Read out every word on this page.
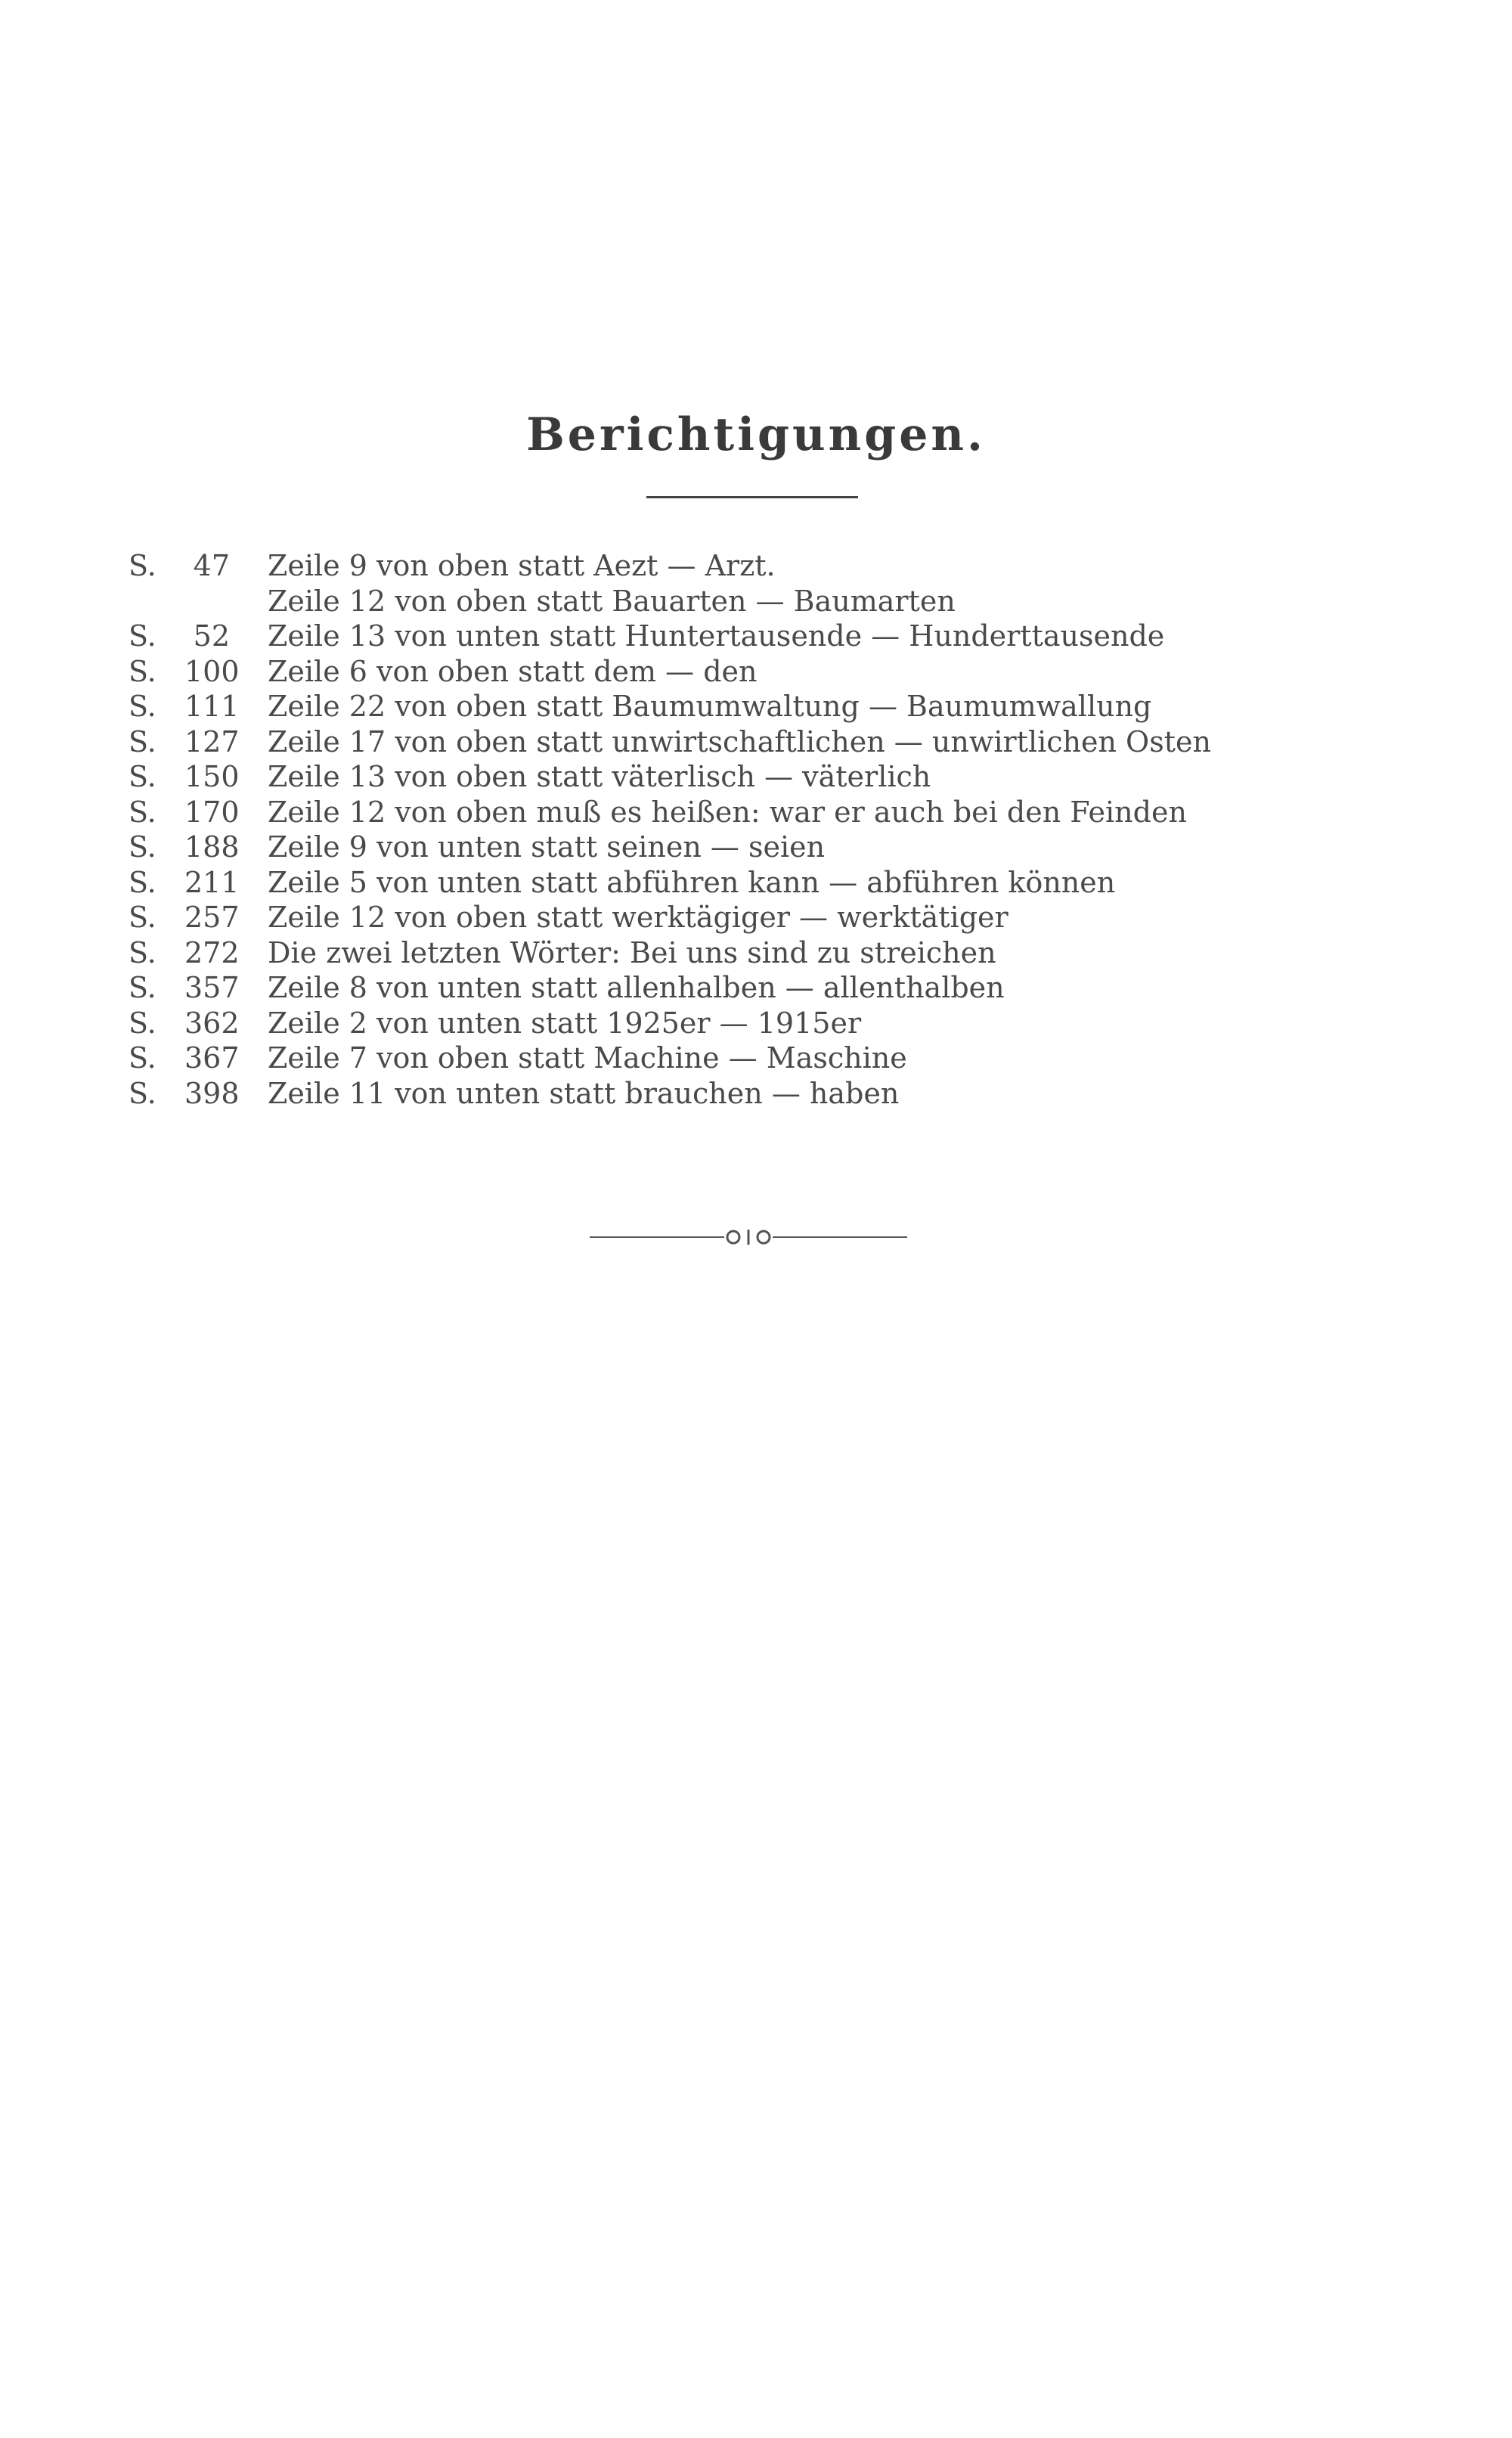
Berichtigungen.
S. 47 Zeile 9 von oben statt Aezt — Arzt.
Zeile 12 von oben statt Bauarten — Baumarten
S. 52 Zeile 13 von unten statt Huntertausende — Hunderttausende
S. 100 Zeile 6 von oben statt dem — den
S. 111 Zeile 22 von oben statt Baumumwaltung — Baumumwallung
S. 127 Zeile 17 von oben statt unwirtschaftlichen — unwirtlichen Osten
S. 150 Zeile 13 von oben statt väterlisch — väterlich
S. 170 Zeile 12 von oben muß es heißen: war er auch bei den Feinden
S. 188 Zeile 9 von unten statt seinen — seien
S. 211 Zeile 5 von unten statt abführen kann — abführen können
S. 257 Zeile 12 von oben statt werktägiger — werktätiger
S. 272 Die zwei letzten Wörter: Bei uns sind zu streichen
S. 357 Zeile 8 von unten statt allenhalben — allenthalben
S. 362 Zeile 2 von unten statt 1925er — 1915er
S. 367 Zeile 7 von oben statt Machine — Maschine
S. 398 Zeile 11 von unten statt brauchen — haben
